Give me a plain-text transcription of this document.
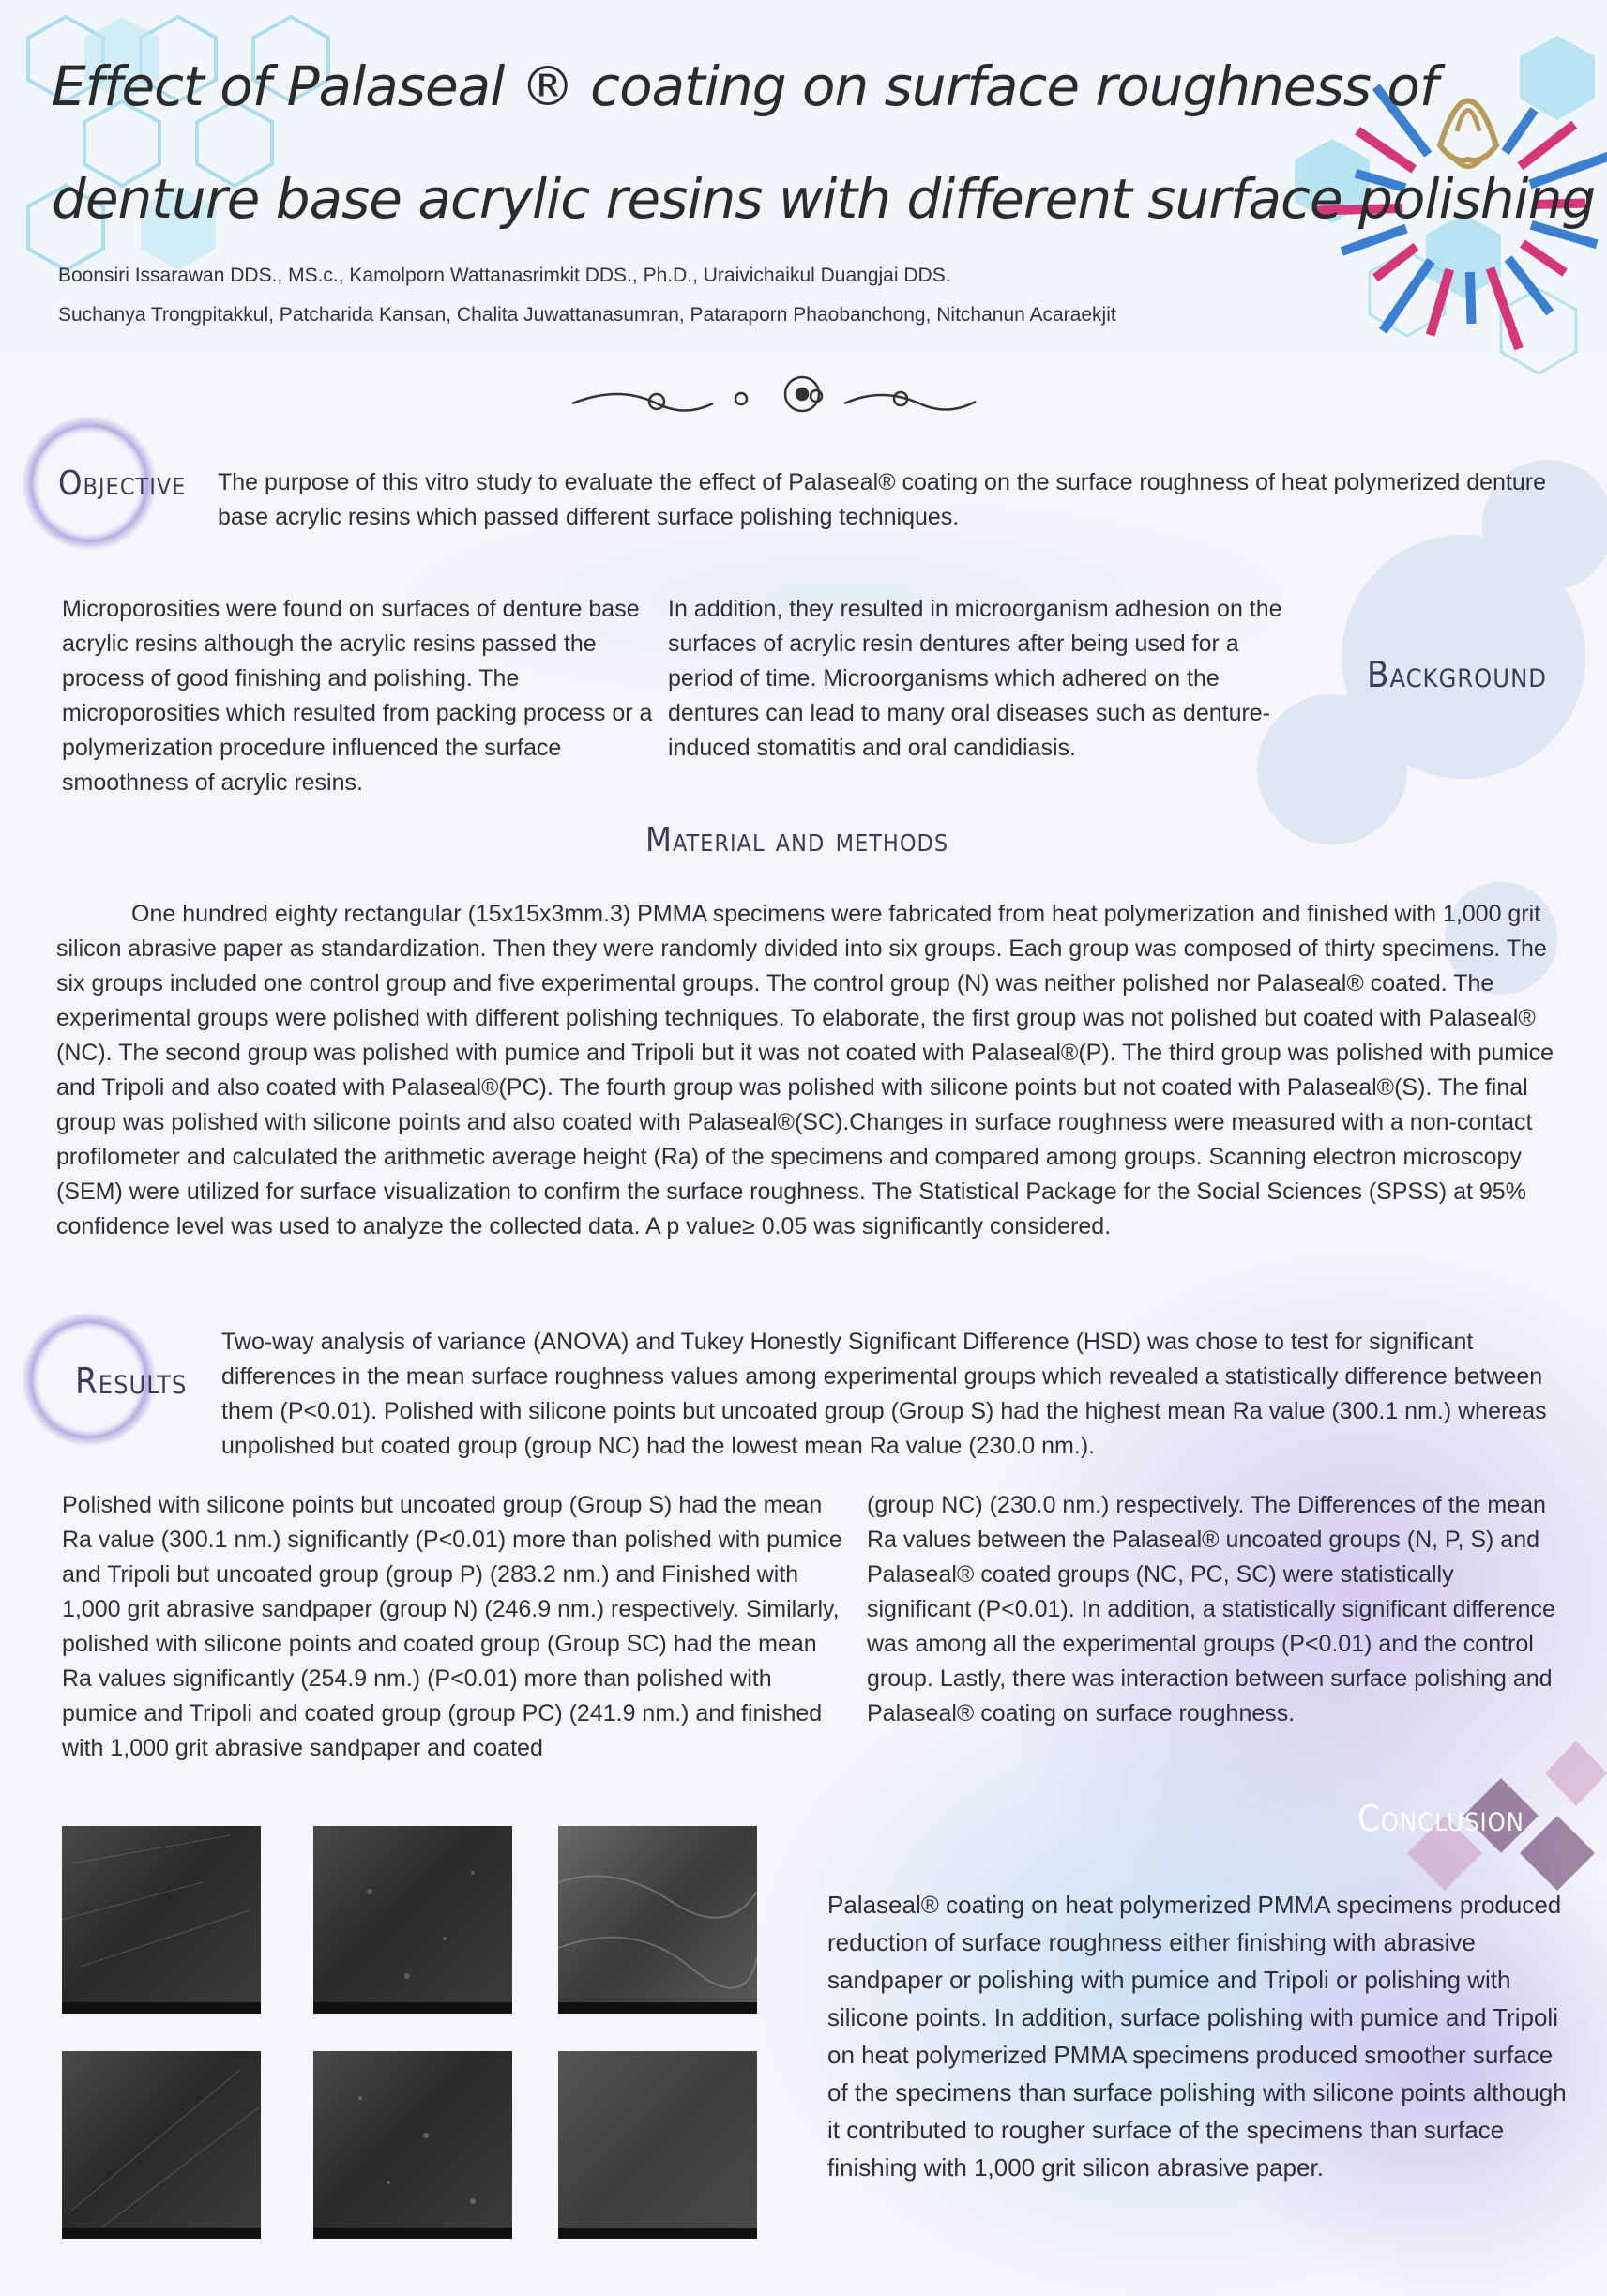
Effect of Palaseal ® coating on surface roughness of
denture base acrylic resins with different surface polishing
Boonsiri Issarawan DDS., MS.c., Kamolporn Wattanasrimkit DDS., Ph.D., Uraivichaikul Duangjai DDS.
Suchanya Trongpitakkul, Patcharida Kansan, Chalita Juwattanasumran, Pataraporn Phaobanchong, Nitchanun Acaraekjit
Objective The purpose of this vitro study to evaluate the effect of Palaseal® coating on the surface roughness of heat polymerized denture base acrylic resins which passed different surface polishing techniques.

Microporosities were found on surfaces of denture base acrylic resins although the acrylic resins passed the process of good finishing and polishing. The microporosities which resulted from packing process or a polymerization procedure influenced the surface smoothness of acrylic resins.

In addition, they resulted in microorganism adhesion on the surfaces of acrylic resin dentures after being used for a period of time. Microorganisms which adhered on the dentures can lead to many oral diseases such as denture-induced stomatitis and oral candidiasis.

Background
Material and methods

One hundred eighty rectangular (15x15x3mm.3) PMMA specimens were fabricated from heat polymerization and finished with 1,000 grit silicon abrasive paper as standardization. Then they were randomly divided into six groups. Each group was composed of thirty specimens. The six groups included one control group and five experimental groups. The control group (N) was neither polished nor Palaseal® coated. The experimental groups were polished with different polishing techniques. To elaborate, the first group was not polished but coated with Palaseal® (NC). The second group was polished with pumice and Tripoli but it was not coated with Palaseal®(P). The third group was polished with pumice and Tripoli and also coated with Palaseal®(PC). The fourth group was polished with silicone points but not coated with Palaseal®(S). The final group was polished with silicone points and also coated with Palaseal®(SC).Changes in surface roughness were measured with a non-contact profilometer and calculated the arithmetic average height (Ra) of the specimens and compared among groups. Scanning electron microscopy (SEM) were utilized for surface visualization to confirm the surface roughness. The Statistical Package for the Social Sciences (SPSS) at 95% confidence level was used to analyze the collected data. A p value≥ 0.05 was significantly considered.

Results

Two-way analysis of variance (ANOVA) and Tukey Honestly Significant Difference (HSD) was chose to test for significant differences in the mean surface roughness values among experimental groups which revealed a statistically difference between them (P<0.01). Polished with silicone points but uncoated group (Group S) had the highest mean Ra value (300.1 nm.) whereas unpolished but coated group (group NC) had the lowest mean Ra value (230.0 nm.).

Polished with silicone points but uncoated group (Group S) had the mean Ra value (300.1 nm.) significantly (P<0.01) more than polished with pumice and Tripoli but uncoated group (group P) (283.2 nm.) and Finished with 1,000 grit abrasive sandpaper (group N) (246.9 nm.) respectively. Similarly, polished with silicone points and coated group (Group SC) had the mean Ra values significantly (254.9 nm.) (P<0.01) more than polished with pumice and Tripoli and coated group (group PC) (241.9 nm.) and finished with 1,000 grit abrasive sandpaper and coated

(group NC) (230.0 nm.) respectively. The Differences of the mean Ra values between the Palaseal® uncoated groups (N, P, S) and Palaseal® coated groups (NC, PC, SC) were statistically significant (P<0.01). In addition, a statistically significant difference was among all the experimental groups (P<0.01) and the control group. Lastly, there was interaction between surface polishing and Palaseal® coating on surface roughness.

Conclusion

Palaseal® coating on heat polymerized PMMA specimens produced reduction of surface roughness either finishing with abrasive sandpaper or polishing with pumice and Tripoli or polishing with silicone points. In addition, surface polishing with pumice and Tripoli on heat polymerized PMMA specimens produced smoother surface of the specimens than surface polishing with silicone points although it contributed to rougher surface of the specimens than surface finishing with 1,000 grit silicon abrasive paper.
